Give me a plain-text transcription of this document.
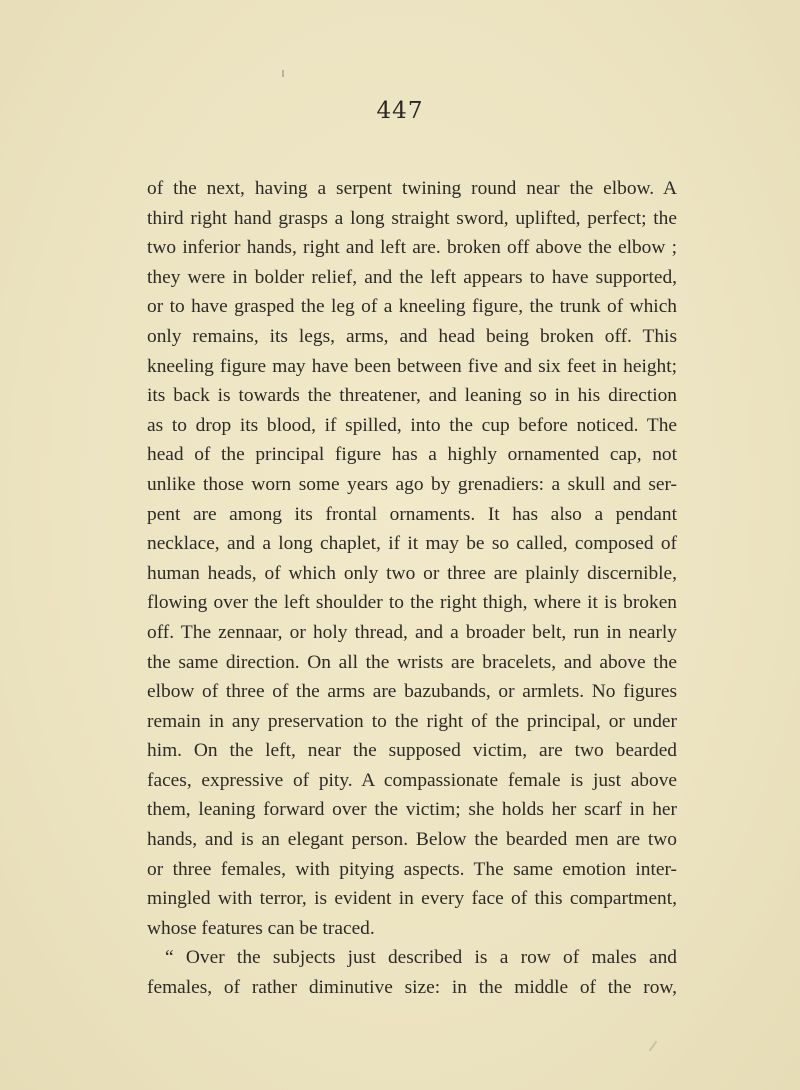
447
of the next, having a serpent twining round near the elbow. A
third right hand grasps a long straight sword, uplifted, perfect; the
two inferior hands, right and left are. broken off above the elbow ;
they were in bolder relief, and the left appears to have supported,
or to have grasped the leg of a kneeling figure, the trunk of which
only remains, its legs, arms, and head being broken off. This
kneeling figure may have been between five and six feet in height;
its back is towards the threatener, and leaning so in his direction
as to drop its blood, if spilled, into the cup before noticed. The
head of the principal figure has a highly ornamented cap, not
unlike those worn some years ago by grenadiers: a skull and ser-
pent are among its frontal ornaments. It has also a pendant
necklace, and a long chaplet, if it may be so called, composed of
human heads, of which only two or three are plainly discernible,
flowing over the left shoulder to the right thigh, where it is broken
off. The zennaar, or holy thread, and a broader belt, run in nearly
the same direction. On all the wrists are bracelets, and above the
elbow of three of the arms are bazubands, or armlets. No figures
remain in any preservation to the right of the principal, or under
him. On the left, near the supposed victim, are two bearded
faces, expressive of pity. A compassionate female is just above
them, leaning forward over the victim; she holds her scarf in her
hands, and is an elegant person. Below the bearded men are two
or three females, with pitying aspects. The same emotion inter-
mingled with terror, is evident in every face of this compartment,
whose features can be traced.
“ Over the subjects just described is a row of males and
females, of rather diminutive size: in the middle of the row,
